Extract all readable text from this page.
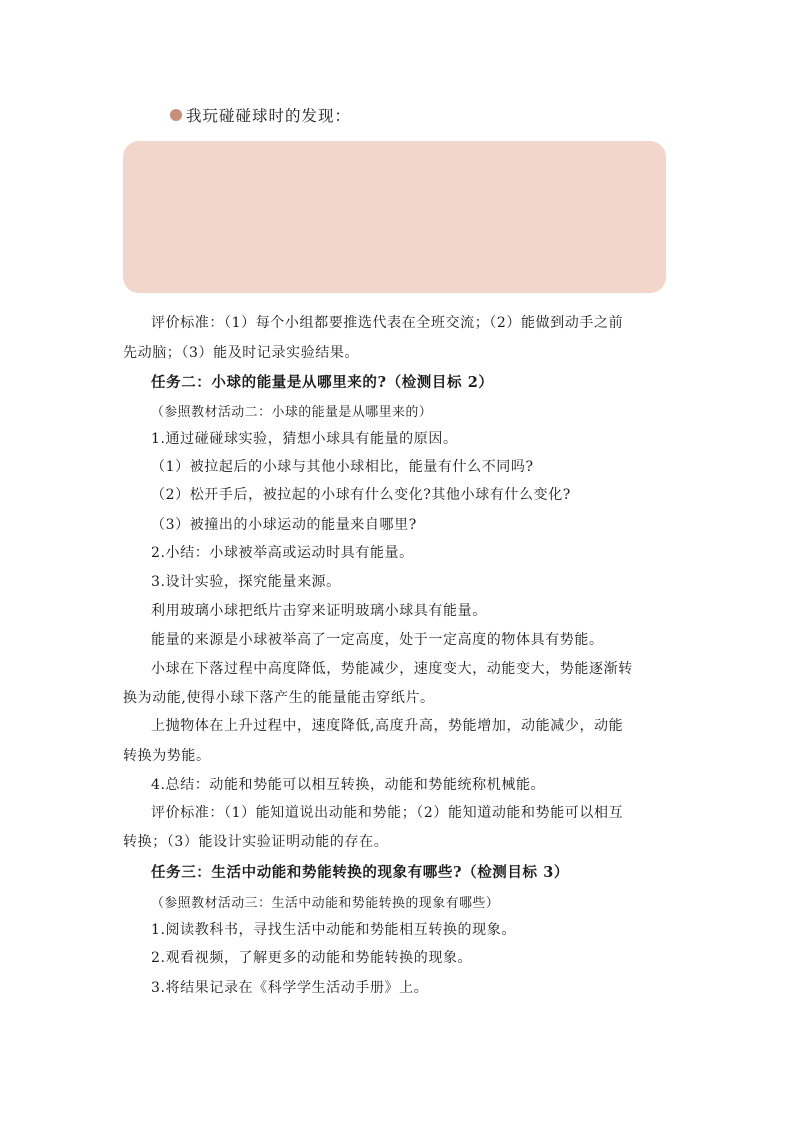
我玩碰碰球时的发现：
评价标准：（1）每个小组都要推选代表在全班交流；（2）能做到动手之前
先动脑；（3）能及时记录实验结果。
任务二：小球的能量是从哪里来的?（检测目标 2）
（参照教材活动二：小球的能量是从哪里来的）
1.通过碰碰球实验，猜想小球具有能量的原因。
（1）被拉起后的小球与其他小球相比，能量有什么不同吗?
（2）松开手后，被拉起的小球有什么变化?其他小球有什么变化?
（3）被撞出的小球运动的能量来自哪里?
2.小结：小球被举高或运动时具有能量。
3.设计实验，探究能量来源。
利用玻璃小球把纸片击穿来证明玻璃小球具有能量。
能量的来源是小球被举高了一定高度，处于一定高度的物体具有势能。
小球在下落过程中高度降低，势能减少，速度变大，动能变大，势能逐渐转
换为动能,使得小球下落产生的能量能击穿纸片。
上抛物体在上升过程中，速度降低,高度升高，势能增加，动能减少，动能
转换为势能。
4.总结：动能和势能可以相互转换，动能和势能统称机械能。
评价标准：（1）能知道说出动能和势能；（2）能知道动能和势能可以相互
转换；（3）能设计实验证明动能的存在。
任务三：生活中动能和势能转换的现象有哪些?（检测目标 3）
（参照教材活动三：生活中动能和势能转换的现象有哪些）
1.阅读教科书，寻找生活中动能和势能相互转换的现象。
2.观看视频，了解更多的动能和势能转换的现象。
3.将结果记录在《科学学生活动手册》上。
